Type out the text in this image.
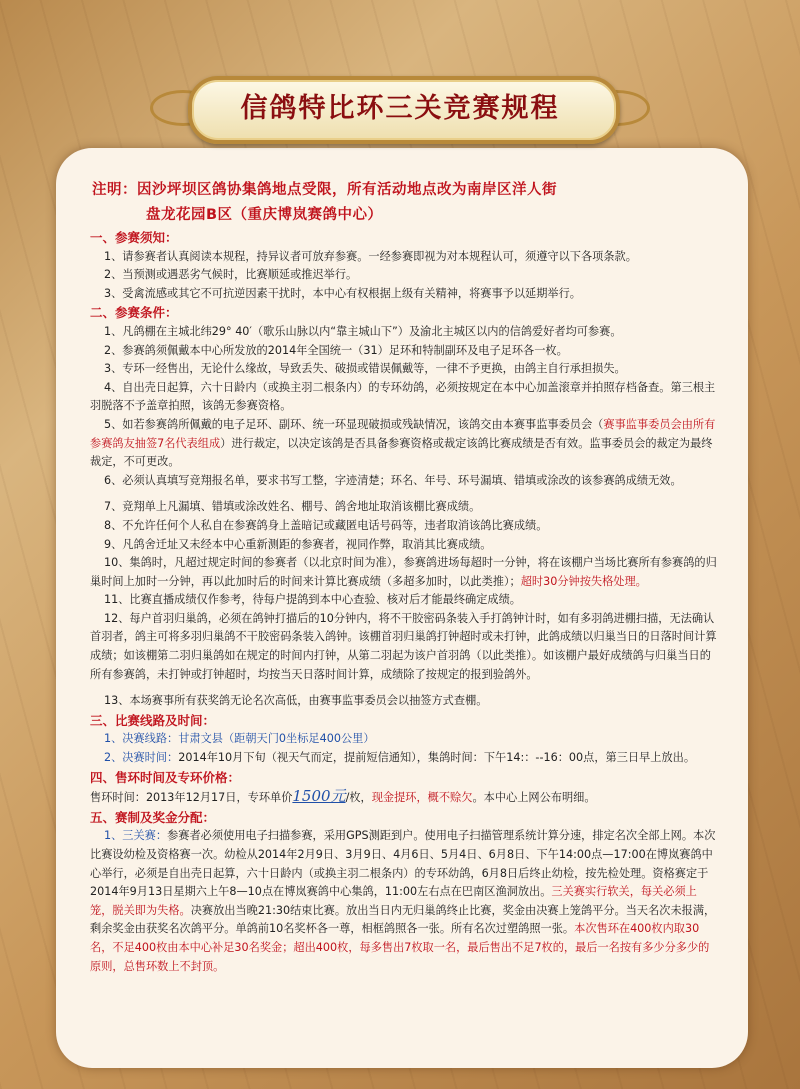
信鸽特比环三关竞赛规程
注明：因沙坪坝区鸽协集鸽地点受限，所有活动地点改为南岸区洋人街
盘龙花园B区（重庆博岚赛鸽中心）

一、参赛须知：

1、请参赛者认真阅读本规程，持异议者可放弃参赛。一经参赛即视为对本规程认可，须遵守以下各项条款。

2、当预测或遇恶劣气候时，比赛顺延或推迟举行。

3、受禽流感或其它不可抗逆因素干扰时，本中心有权根据上级有关精神，将赛事予以延期举行。

二、参赛条件：

1、凡鸽棚在主城北纬29° 40′（歌乐山脉以内“靠主城山下”）及渝北主城区以内的信鸽爱好者均可参赛。

2、参赛鸽须佩戴本中心所发放的2014年全国统一（31）足环和特制副环及电子足环各一枚。

3、专环一经售出，无论什么缘故，导致丢失、破损或错误佩戴等，一律不予更换，由鸽主自行承担损失。

4、自出壳日起算，六十日龄内（或换主羽二根条内）的专环幼鸽，必须按规定在本中心加盖滚章并拍照存档备查。第三根主羽脱落不予盖章拍照，该鸽无参赛资格。

5、如若参赛鸽所佩戴的电子足环、副环、统一环显现破损或残缺情况，该鸽交由本赛事监事委员会（赛事监事委员会由所有参赛鸽友抽签7名代表组成）进行裁定，以决定该鸽是否具备参赛资格或裁定该鸽比赛成绩是否有效。监事委员会的裁定为最终裁定，不可更改。

6、必须认真填写竞翔报名单，要求书写工整，字迹清楚；环名、年号、环号漏填、错填或涂改的该参赛鸽成绩无效。

7、竞翔单上凡漏填、错填或涂改姓名、棚号、鸽舍地址取消该棚比赛成绩。

8、不允许任何个人私自在参赛鸽身上盖暗记或藏匿电话号码等，违者取消该鸽比赛成绩。

9、凡鸽舍迁址又未经本中心重新测距的参赛者，视同作弊，取消其比赛成绩。

10、集鸽时，凡超过规定时间的参赛者（以北京时间为准），参赛鸽进场每超时一分钟，将在该棚户当场比赛所有参赛鸽的归巢时间上加时一分钟，再以此加时后的时间来计算比赛成绩（多超多加时，以此类推）；超时30分钟按失格处理。

11、比赛直播成绩仅作参考，待每户提鸽到本中心查验、核对后才能最终确定成绩。

12、每户首羽归巢鸽，必须在鸽钟打描后的10分钟内，将不干胶密码条装入手打鸽钟计时，如有多羽鸽进棚扫描，无法确认首羽者，鸽主可将多羽归巢鸽不干胶密码条装入鸽钟。该棚首羽归巢鸽打钟超时或未打钟，此鸽成绩以归巢当日的日落时间计算成绩；如该棚第二羽归巢鸽如在规定的时间内打钟，从第二羽起为该户首羽鸽（以此类推）。如该棚户最好成绩鸽与归巢当日的所有参赛鸽，未打钟或打钟超时，均按当天日落时间计算，成绩除了按规定的报到验鸽外。

13、本场赛事所有获奖鸽无论名次高低，由赛事监事委员会以抽签方式查棚。

三、比赛线路及时间：

1、决赛线路：甘肃文县（距朝天门0坐标足400公里）

2、决赛时间：2014年10月下旬（视天气而定，提前短信通知），集鸽时间：下午14:：--16：00点，第三日早上放出。

四、售环时间及专环价格：

售环时间：2013年12月17日，专环单价1500元/枚，现金提环，概不赊欠。本中心上网公布明细。

五、赛制及奖金分配：

1、三关赛：参赛者必须使用电子扫描参赛，采用GPS测距到户。使用电子扫描管理系统计算分速，排定名次全部上网。本次比赛设幼检及资格赛一次。幼检从2014年2月9日、3月9日、4月6日、5月4日、6月8日、下午14:00点—17:00在博岚赛鸽中心举行，必须是自出壳日起算，六十日龄内（或换主羽二根条内）的专环幼鸽，6月8日后终止幼检，按先检处理。资格赛定于2014年9月13日星期六上午8—10点在博岚赛鸽中心集鸽，11:00左右点在巴南区渔洞放出。三关赛实行软关，每关必须上笼，脱关即为失格。决赛放出当晚21:30结束比赛。放出当日内无归巢鸽终止比赛，奖金由决赛上笼鸽平分。当天名次未报满，剩余奖金由获奖名次鸽平分。单鸽前10名奖杯各一尊，相框鸽照各一张。所有名次过塑鸽照一张。本次售环在400枚内取30名，不足400枚由本中心补足30名奖金；超出400枚，每多售出7枚取一名，最后售出不足7枚的，最后一名按有多少分多少的原则，总售环数上不封顶。
